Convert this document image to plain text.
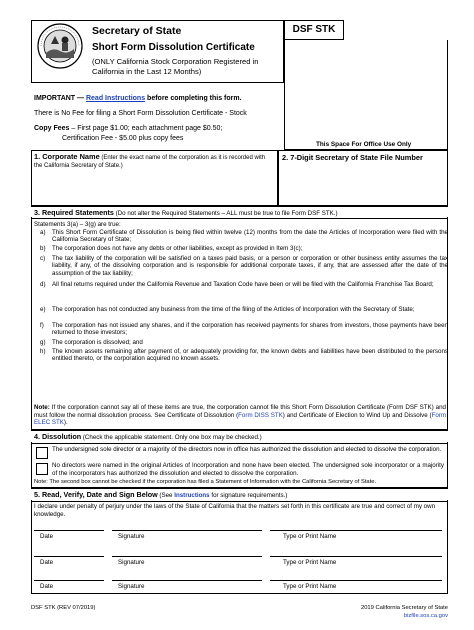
Secretary of State
Short Form Dissolution Certificate
(ONLY California Stock Corporation Registered in California in the Last 12 Months)
DSF STK
IMPORTANT — Read Instructions before completing this form.
There is No Fee for filing a Short Form Dissolution Certificate - Stock
Copy Fees – First page $1.00; each attachment page $0.50;
Certification Fee - $5.00 plus copy fees
This Space For Office Use Only
1. Corporate Name (Enter the exact name of the corporation as it is recorded with the California Secretary of State.)
2. 7-Digit Secretary of State File Number
3. Required Statements (Do not alter the Required Statements – ALL must be true to file Form DSF STK.)
Statements 3(a) – 3(g) are true:
a) This Short Form Certificate of Dissolution is being filed within twelve (12) months from the date the Articles of Incorporation were filed with the California Secretary of State;
b) The corporation does not have any debts or other liabilities, except as provided in Item 3(c);
c) The tax liability of the corporation will be satisfied on a taxes paid basis, or a person or corporation or other business entity assumes the tax liability, if any, of the dissolving corporation and is responsible for additional corporate taxes, if any, that are assessed after the date of the assumption of the tax liability;
d) All final returns required under the California Revenue and Taxation Code have been or will be filed with the California Franchise Tax Board;
e) The corporation has not conducted any business from the time of the filing of the Articles of Incorporation with the Secretary of State;
f) The corporation has not issued any shares, and if the corporation has received payments for shares from investors, those payments have been returned to those investors;
g) The corporation is dissolved; and
h) The known assets remaining after payment of, or adequately providing for, the known debts and liabilities have been distributed to the persons entitled thereto, or the corporation acquired no known assets.
Note: If the corporation cannot say all of these items are true, the corporation cannot file this Short Form Dissolution Certificate (Form DSF STK) and must follow the normal dissolution process. See Certificate of Dissolution (Form DISS STK) and Certificate of Election to Wind Up and Dissolve (Form ELEC STK).
4. Dissolution (Check the applicable statement. Only one box may be checked.)
The undersigned sole director or a majority of the directors now in office has authorized the dissolution and elected to dissolve the corporation.
No directors were named in the original Articles of Incorporation and none have been elected. The undersigned sole incorporator or a majority of the incorporators has authorized the dissolution and elected to dissolve the corporation.
Note: The second box cannot be checked if the corporation has filed a Statement of Information with the California Secretary of State.
5. Read, Verify, Date and Sign Below (See Instructions for signature requirements.)
I declare under penalty of perjury under the laws of the State of California that the matters set forth in this certificate are true and correct of my own knowledge.
Date	Signature	Type or Print Name
Date	Signature	Type or Print Name
Date	Signature	Type or Print Name
DSF STK (REV 07/2019)	2019 California Secretary of State
bizfile.sos.ca.gov
